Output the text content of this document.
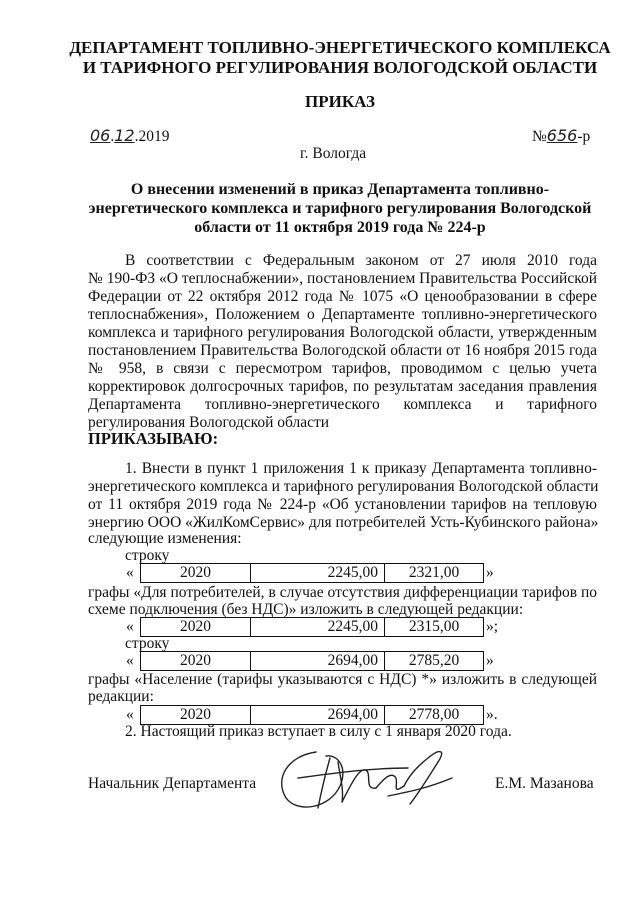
ДЕПАРТАМЕНТ ТОПЛИВНО-ЭНЕРГЕТИЧЕСКОГО КОМПЛЕКСА
И ТАРИФНОГО РЕГУЛИРОВАНИЯ ВОЛОГОДСКОЙ ОБЛАСТИ
ПРИКАЗ
06.12.2019	№656-р
г. Вологда
О внесении изменений в приказ Департамента топливно-
энергетического комплекса и тарифного регулирования Вологодской
области от 11 октября 2019 года № 224-р
В соответствии с Федеральным законом от 27 июля 2010 года
№ 190-ФЗ «О теплоснабжении», постановлением Правительства Российской
Федерации от 22 октября 2012 года № 1075 «О ценообразовании в сфере
теплоснабжения», Положением о Департаменте топливно-энергетического
комплекса и тарифного регулирования Вологодской области, утвержденным
постановлением Правительства Вологодской области от 16 ноября 2015 года
№ 958, в связи с пересмотром тарифов, проводимом с целью учета
корректировок долгосрочных тарифов, по результатам заседания правления
Департамента топливно-энергетического комплекса и тарифного
регулирования Вологодской области
ПРИКАЗЫВАЮ:
1. Внести в пункт 1 приложения 1 к приказу Департамента топливно-
энергетического комплекса и тарифного регулирования Вологодской области
от 11 октября 2019 года № 224-р «Об установлении тарифов на тепловую
энергию ООО «ЖилКомСервис» для потребителей Усть-Кубинского района»
следующие изменения:
строку
«	2020	2245,00	2321,00	»
графы «Для потребителей, в случае отсутствия дифференциации тарифов по
схеме подключения (без НДС)» изложить в следующей редакции:
«	2020	2245,00	2315,00	»;
строку
«	2020	2694,00	2785,20	»
графы «Население (тарифы указываются с НДС) *» изложить в следующей
редакции:
«	2020	2694,00	2778,00	».
2. Настоящий приказ вступает в силу с 1 января 2020 года.
Начальник Департамента	Е.М. Мазанова
